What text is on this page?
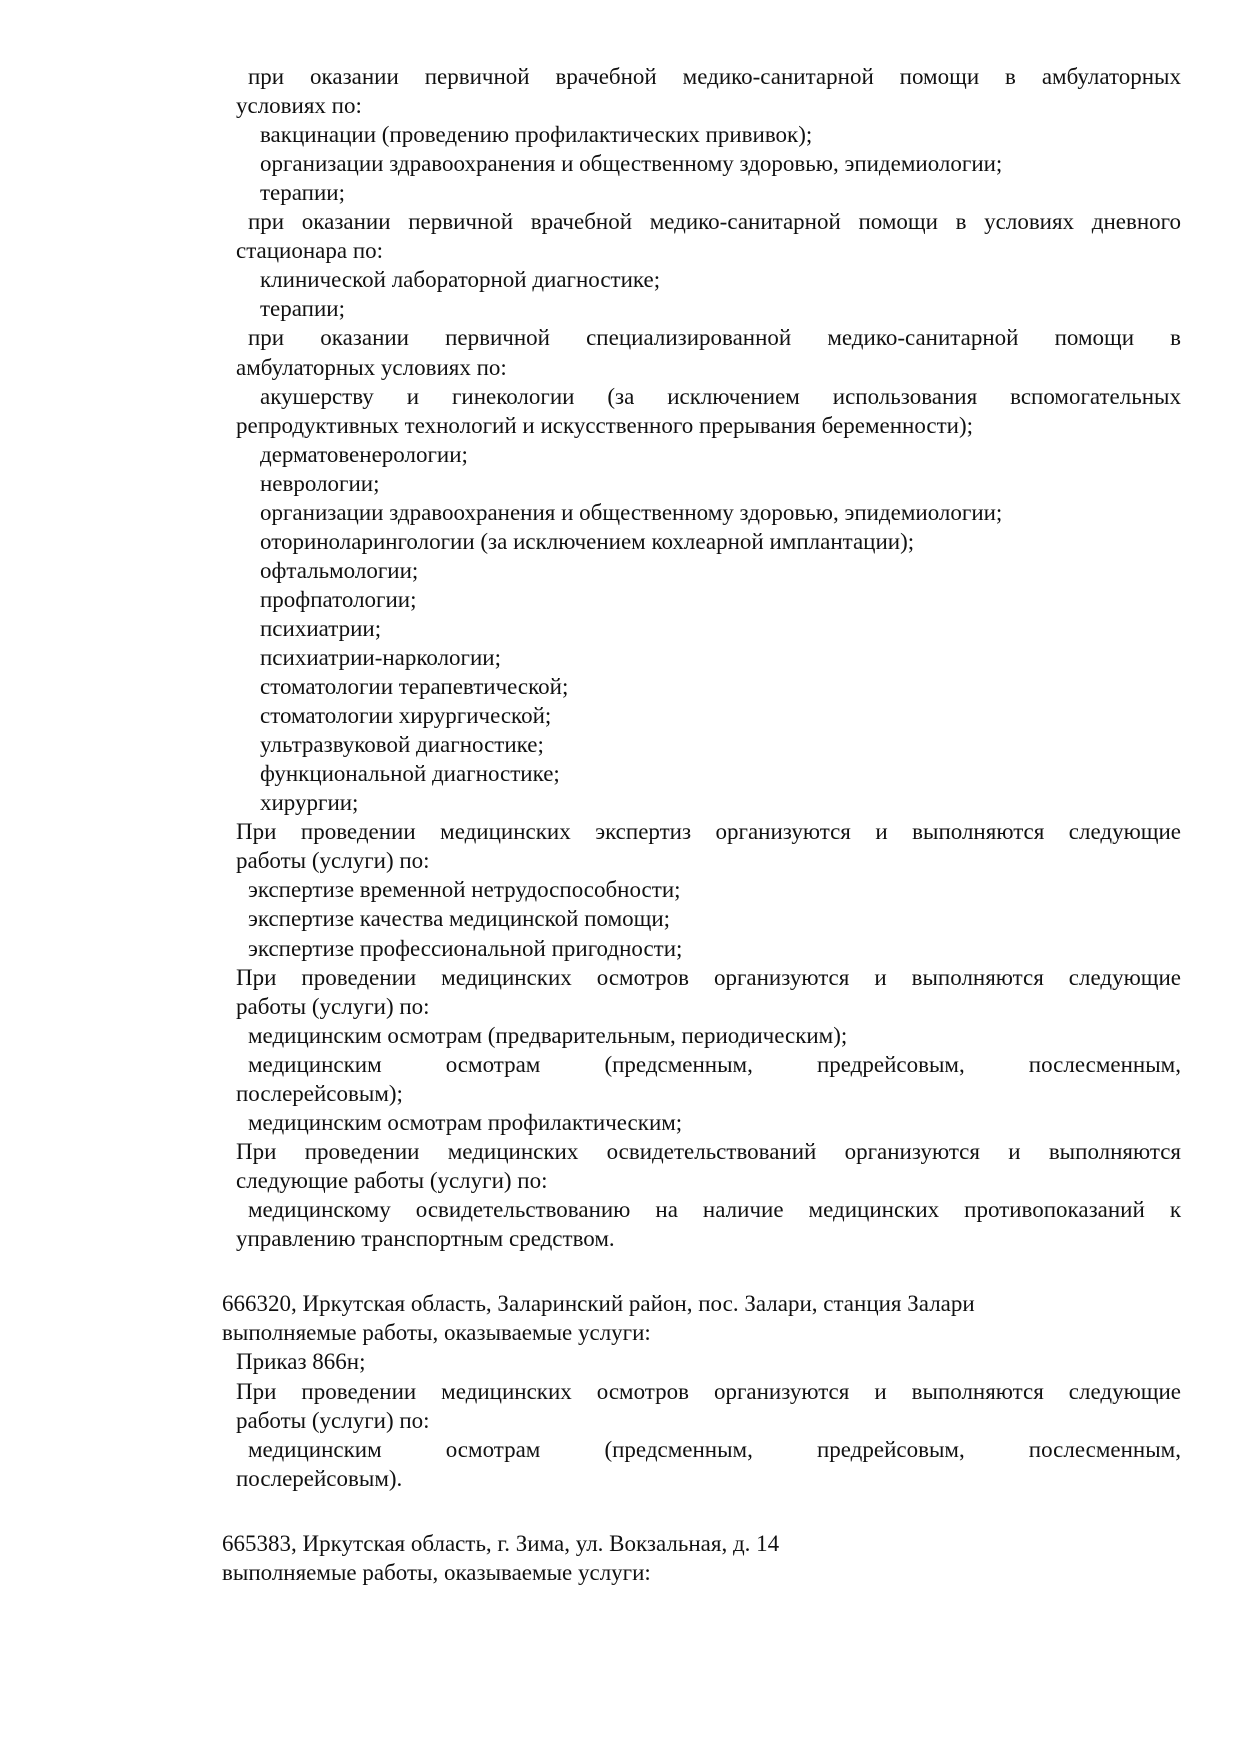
при оказании первичной врачебной медико-санитарной помощи в амбулаторных
условиях по:
вакцинации (проведению профилактических прививок);
организации здравоохранения и общественному здоровью, эпидемиологии;
терапии;
при оказании первичной врачебной медико-санитарной помощи в условиях дневного
стационара по:
клинической лабораторной диагностике;
терапии;
при оказании первичной специализированной медико-санитарной помощи в
амбулаторных условиях по:
акушерству и гинекологии (за исключением использования вспомогательных
репродуктивных технологий и искусственного прерывания беременности);
дерматовенерологии;
неврологии;
организации здравоохранения и общественному здоровью, эпидемиологии;
оториноларингологии (за исключением кохлеарной имплантации);
офтальмологии;
профпатологии;
психиатрии;
психиатрии-наркологии;
стоматологии терапевтической;
стоматологии хирургической;
ультразвуковой диагностике;
функциональной диагностике;
хирургии;
При проведении медицинских экспертиз организуются и выполняются следующие
работы (услуги) по:
экспертизе временной нетрудоспособности;
экспертизе качества медицинской помощи;
экспертизе профессиональной пригодности;
При проведении медицинских осмотров организуются и выполняются следующие
работы (услуги) по:
медицинским осмотрам (предварительным, периодическим);
медицинским осмотрам (предсменным, предрейсовым, послесменным,
послерейсовым);
медицинским осмотрам профилактическим;
При проведении медицинских освидетельствований организуются и выполняются
следующие работы (услуги) по:
медицинскому освидетельствованию на наличие медицинских противопоказаний к
управлению транспортным средством.
666320, Иркутская область, Заларинский район, пос. Залари, станция Залари
выполняемые работы, оказываемые услуги:
Приказ 866н;
При проведении медицинских осмотров организуются и выполняются следующие
работы (услуги) по:
медицинским осмотрам (предсменным, предрейсовым, послесменным,
послерейсовым).
665383, Иркутская область, г. Зима, ул. Вокзальная, д. 14
выполняемые работы, оказываемые услуги:
